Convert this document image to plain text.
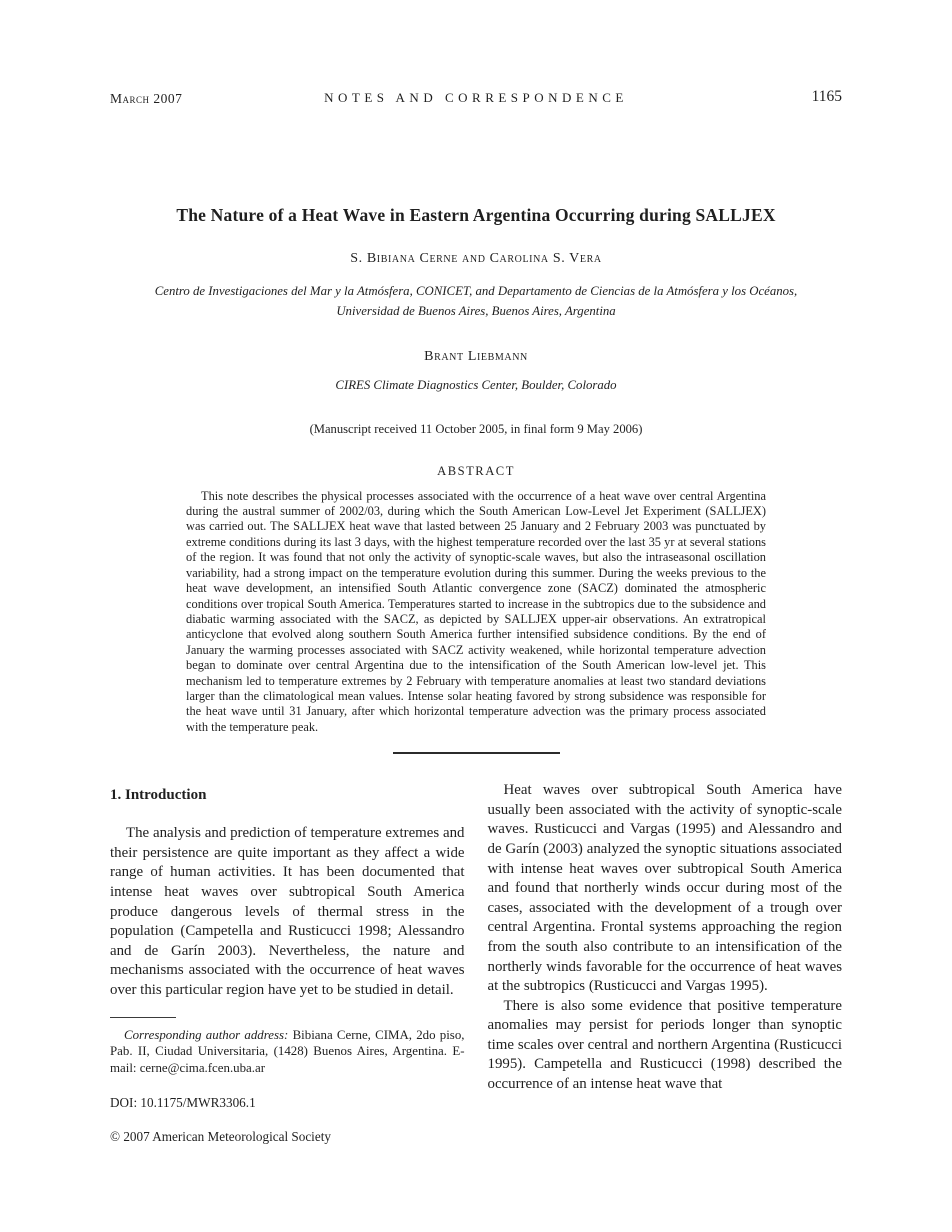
March 2007	NOTES AND CORRESPONDENCE	1165
The Nature of a Heat Wave in Eastern Argentina Occurring during SALLJEX
S. Bibiana Cerne and Carolina S. Vera
Centro de Investigaciones del Mar y la Atmósfera, CONICET, and Departamento de Ciencias de la Atmósfera y los Océanos,
Universidad de Buenos Aires, Buenos Aires, Argentina
Brant Liebmann
CIRES Climate Diagnostics Center, Boulder, Colorado
(Manuscript received 11 October 2005, in final form 9 May 2006)
ABSTRACT
This note describes the physical processes associated with the occurrence of a heat wave over central Argentina during the austral summer of 2002/03, during which the South American Low-Level Jet Experiment (SALLJEX) was carried out. The SALLJEX heat wave that lasted between 25 January and 2 February 2003 was punctuated by extreme conditions during its last 3 days, with the highest temperature recorded over the last 35 yr at several stations of the region. It was found that not only the activity of synoptic-scale waves, but also the intraseasonal oscillation variability, had a strong impact on the temperature evolution during this summer. During the weeks previous to the heat wave development, an intensified South Atlantic convergence zone (SACZ) dominated the atmospheric conditions over tropical South America. Temperatures started to increase in the subtropics due to the subsidence and diabatic warming associated with the SACZ, as depicted by SALLJEX upper-air observations. An extratropical anticyclone that evolved along southern South America further intensified subsidence conditions. By the end of January the warming processes associated with SACZ activity weakened, while horizontal temperature advection began to dominate over central Argentina due to the intensification of the South American low-level jet. This mechanism led to temperature extremes by 2 February with temperature anomalies at least two standard deviations larger than the climatological mean values. Intense solar heating favored by strong subsidence was responsible for the heat wave until 31 January, after which horizontal temperature advection was the primary process associated with the temperature peak.
1. Introduction

The analysis and prediction of temperature extremes and their persistence are quite important as they affect a wide range of human activities. It has been documented that intense heat waves over subtropical South America produce dangerous levels of thermal stress in the population (Campetella and Rusticucci 1998; Alessandro and de Garín 2003). Nevertheless, the nature and mechanisms associated with the occurrence of heat waves over this particular region have yet to be studied in detail.

Corresponding author address: Bibiana Cerne, CIMA, 2do piso, Pab. II, Ciudad Universitaria, (1428) Buenos Aires, Argentina. E-mail: cerne@cima.fcen.uba.ar

DOI: 10.1175/MWR3306.1

© 2007 American Meteorological Society

Heat waves over subtropical South America have usually been associated with the activity of synoptic-scale waves. Rusticucci and Vargas (1995) and Alessandro and de Garín (2003) analyzed the synoptic situations associated with intense heat waves over subtropical South America and found that northerly winds occur during most of the cases, associated with the development of a trough over central Argentina. Frontal systems approaching the region from the south also contribute to an intensification of the northerly winds favorable for the occurrence of heat waves at the subtropics (Rusticucci and Vargas 1995).

There is also some evidence that positive temperature anomalies may persist for periods longer than synoptic time scales over central and northern Argentina (Rusticucci 1995). Campetella and Rusticucci (1998) described the occurrence of an intense heat wave that
